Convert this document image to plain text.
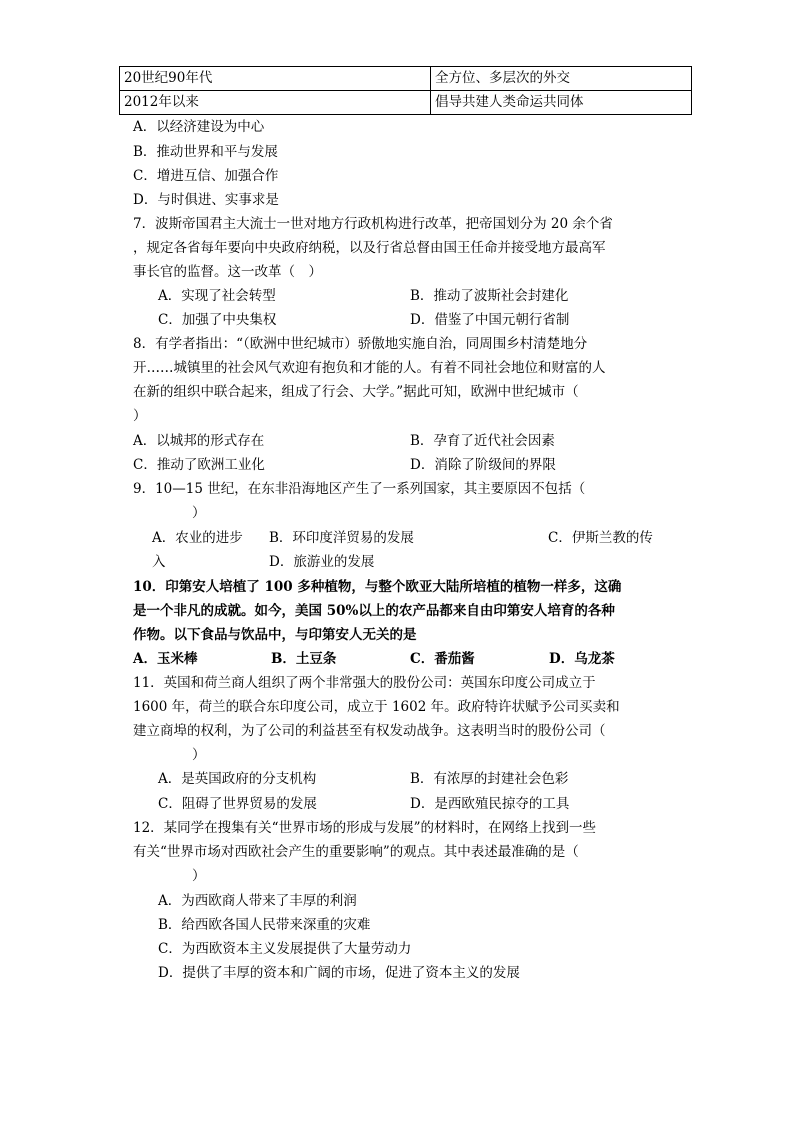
20世纪90年代	全方位、多层次的外交
2012年以来	倡导共建人类命运共同体
A．以经济建设为中心
B．推动世界和平与发展
C．增进互信、加强合作
D．与时俱进、实事求是
7．波斯帝国君主大流士一世对地方行政机构进行改革，把帝国划分为 20 余个省
，规定各省每年要向中央政府纳税，以及行省总督由国王任命并接受地方最高军
事长官的监督。这一改革（　）
A．实现了社会转型	B．推动了波斯社会封建化
C．加强了中央集权	D．借鉴了中国元朝行省制
8．有学者指出：“（欧洲中世纪城市）骄傲地实施自治，同周围乡村清楚地分
开……城镇里的社会风气欢迎有抱负和才能的人。有着不同社会地位和财富的人
在新的组织中联合起来，组成了行会、大学。”据此可知，欧洲中世纪城市（
）
A．以城邦的形式存在	B．孕育了近代社会因素
C．推动了欧洲工业化	D．消除了阶级间的界限
9．10—15 世纪，在东非沿海地区产生了一系列国家，其主要原因不包括（
）
A．农业的进步 B．环印度洋贸易的发展	C．伊斯兰教的传
入	D．旅游业的发展
10．印第安人培植了 100 多种植物，与整个欧亚大陆所培植的植物一样多，这确
是一个非凡的成就。如今，美国 50%以上的农产品都来自由印第安人培育的各种
作物。以下食品与饮品中，与印第安人无关的是
A．玉米棒	B．土豆条	C．番茄酱	D．乌龙茶
11．英国和荷兰商人组织了两个非常强大的股份公司：英国东印度公司成立于
1600 年，荷兰的联合东印度公司，成立于 1602 年。政府特许状赋予公司买卖和
建立商埠的权利，为了公司的利益甚至有权发动战争。这表明当时的股份公司（
）
A．是英国政府的分支机构	B．有浓厚的封建社会色彩
C．阻碍了世界贸易的发展	D．是西欧殖民掠夺的工具
12．某同学在搜集有关“世界市场的形成与发展”的材料时，在网络上找到一些
有关“世界市场对西欧社会产生的重要影响”的观点。其中表述最准确的是（
）
A．为西欧商人带来了丰厚的利润
B．给西欧各国人民带来深重的灾难
C．为西欧资本主义发展提供了大量劳动力
D．提供了丰厚的资本和广阔的市场，促进了资本主义的发展
